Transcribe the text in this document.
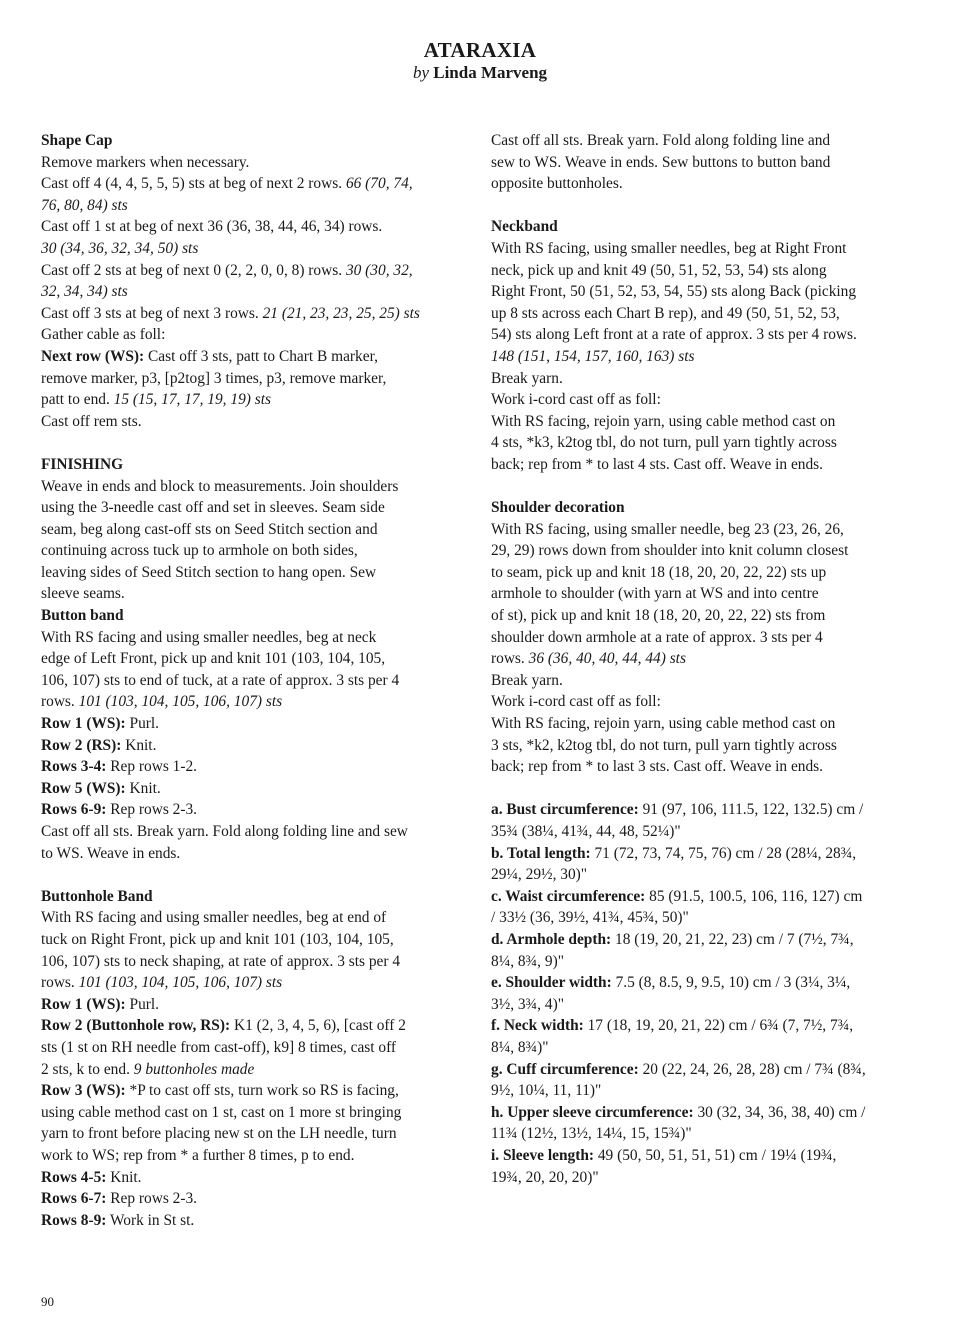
ATARAXIA
by Linda Marveng
Shape Cap
Remove markers when necessary.
Cast off 4 (4, 4, 5, 5, 5) sts at beg of next 2 rows. 66 (70, 74,
76, 80, 84) sts
Cast off 1 st at beg of next 36 (36, 38, 44, 46, 34) rows.
30 (34, 36, 32, 34, 50) sts
Cast off 2 sts at beg of next 0 (2, 2, 0, 0, 8) rows. 30 (30, 32,
32, 34, 34) sts
Cast off 3 sts at beg of next 3 rows. 21 (21, 23, 23, 25, 25) sts
Gather cable as foll:
Next row (WS): Cast off 3 sts, patt to Chart B marker,
remove marker, p3, [p2tog] 3 times, p3, remove marker,
patt to end. 15 (15, 17, 17, 19, 19) sts
Cast off rem sts.
FINISHING
Weave in ends and block to measurements. Join shoulders
using the 3-needle cast off and set in sleeves. Seam side
seam, beg along cast-off sts on Seed Stitch section and
continuing across tuck up to armhole on both sides,
leaving sides of Seed Stitch section to hang open. Sew
sleeve seams.
Button band
With RS facing and using smaller needles, beg at neck
edge of Left Front, pick up and knit 101 (103, 104, 105,
106, 107) sts to end of tuck, at a rate of approx. 3 sts per 4
rows. 101 (103, 104, 105, 106, 107) sts
Row 1 (WS): Purl.
Row 2 (RS): Knit.
Rows 3-4: Rep rows 1-2.
Row 5 (WS): Knit.
Rows 6-9: Rep rows 2-3.
Cast off all sts. Break yarn. Fold along folding line and sew
to WS. Weave in ends.
Buttonhole Band
With RS facing and using smaller needles, beg at end of
tuck on Right Front, pick up and knit 101 (103, 104, 105,
106, 107) sts to neck shaping, at rate of approx. 3 sts per 4
rows. 101 (103, 104, 105, 106, 107) sts
Row 1 (WS): Purl.
Row 2 (Buttonhole row, RS): K1 (2, 3, 4, 5, 6), [cast off 2
sts (1 st on RH needle from cast-off), k9] 8 times, cast off
2 sts, k to end. 9 buttonholes made
Row 3 (WS): *P to cast off sts, turn work so RS is facing,
using cable method cast on 1 st, cast on 1 more st bringing
yarn to front before placing new st on the LH needle, turn
work to WS; rep from * a further 8 times, p to end.
Rows 4-5: Knit.
Rows 6-7: Rep rows 2-3.
Rows 8-9: Work in St st.
Cast off all sts. Break yarn. Fold along folding line and
sew to WS. Weave in ends. Sew buttons to button band
opposite buttonholes.
Neckband
With RS facing, using smaller needles, beg at Right Front
neck, pick up and knit 49 (50, 51, 52, 53, 54) sts along
Right Front, 50 (51, 52, 53, 54, 55) sts along Back (picking
up 8 sts across each Chart B rep), and 49 (50, 51, 52, 53,
54) sts along Left front at a rate of approx. 3 sts per 4 rows.
148 (151, 154, 157, 160, 163) sts
Break yarn.
Work i-cord cast off as foll:
With RS facing, rejoin yarn, using cable method cast on
4 sts, *k3, k2tog tbl, do not turn, pull yarn tightly across
back; rep from * to last 4 sts. Cast off. Weave in ends.
Shoulder decoration
With RS facing, using smaller needle, beg 23 (23, 26, 26,
29, 29) rows down from shoulder into knit column closest
to seam, pick up and knit 18 (18, 20, 20, 22, 22) sts up
armhole to shoulder (with yarn at WS and into centre
of st), pick up and knit 18 (18, 20, 20, 22, 22) sts from
shoulder down armhole at a rate of approx. 3 sts per 4
rows. 36 (36, 40, 40, 44, 44) sts
Break yarn.
Work i-cord cast off as foll:
With RS facing, rejoin yarn, using cable method cast on
3 sts, *k2, k2tog tbl, do not turn, pull yarn tightly across
back; rep from * to last 3 sts. Cast off. Weave in ends.
a. Bust circumference: 91 (97, 106, 111.5, 122, 132.5) cm /
35¾ (38¼, 41¾, 44, 48, 52¼)"
b. Total length: 71 (72, 73, 74, 75, 76) cm / 28 (28¼, 28¾,
29¼, 29½, 30)"
c. Waist circumference: 85 (91.5, 100.5, 106, 116, 127) cm
/ 33½ (36, 39½, 41¾, 45¾, 50)"
d. Armhole depth: 18 (19, 20, 21, 22, 23) cm / 7 (7½, 7¾,
8¼, 8¾, 9)"
e. Shoulder width: 7.5 (8, 8.5, 9, 9.5, 10) cm / 3 (3¼, 3¼,
3½, 3¾, 4)"
f. Neck width: 17 (18, 19, 20, 21, 22) cm / 6¾ (7, 7½, 7¾,
8¼, 8¾)"
g. Cuff circumference: 20 (22, 24, 26, 28, 28) cm / 7¾ (8¾,
9½, 10¼, 11, 11)"
h. Upper sleeve circumference: 30 (32, 34, 36, 38, 40) cm /
11¾ (12½, 13½, 14¼, 15, 15¾)"
i. Sleeve length: 49 (50, 50, 51, 51, 51) cm / 19¼ (19¾,
19¾, 20, 20, 20)"
90
